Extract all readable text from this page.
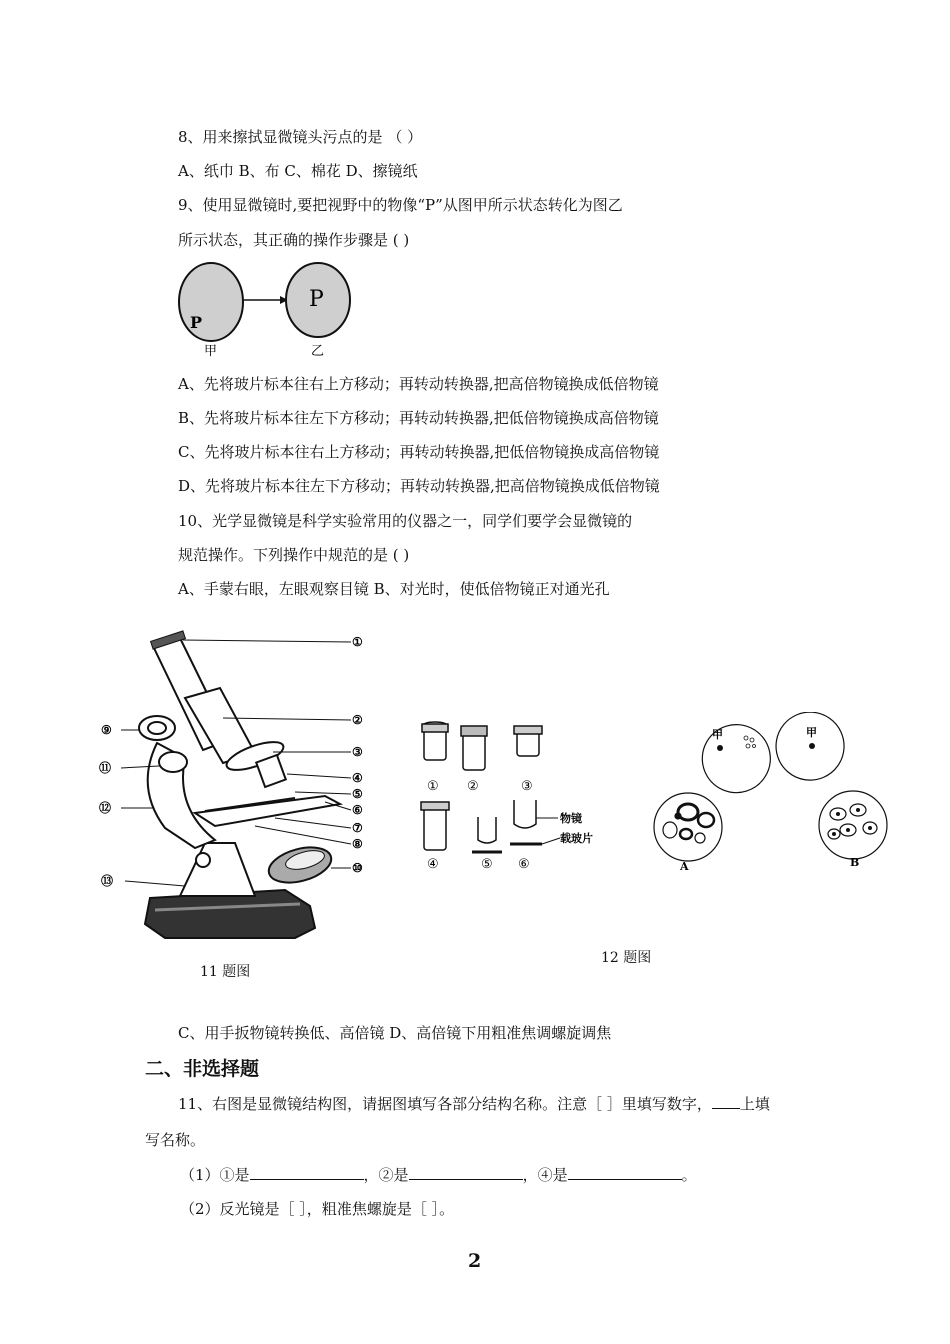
8、用来擦拭显微镜头污点的是 （ ）
A、纸巾 B、布 C、棉花 D、擦镜纸
9、使用显微镜时,要把视野中的物像“P”从图甲所示状态转化为图乙
所示状态，其正确的操作步骤是 ( )
P
P
甲	乙
A、先将玻片标本往右上方移动；再转动转换器,把高倍物镜换成低倍物镜
B、先将玻片标本往左下方移动；再转动转换器,把低倍物镜换成高倍物镜
C、先将玻片标本往右上方移动；再转动转换器,把低倍物镜换成高倍物镜
D、先将玻片标本往左下方移动；再转动转换器,把高倍物镜换成低倍物镜
10、光学显微镜是科学实验常用的仪器之一，同学们要学会显微镜的
规范操作。下列操作中规范的是 ( )
A、手蒙右眼，左眼观察目镜 B、对光时，使低倍物镜正对通光孔
①
②
③
④
⑤
⑥
⑦
⑧
⑩
⑨
⑪
⑫
⑬
11 题图
① ②	③
④	⑤ ⑥
物镜
载玻片
甲	甲
A	B
12 题图
C、用手扳物镜转换低、高倍镜 D、高倍镜下用粗准焦调螺旋调焦
二、非选择题
11、右图是显微镜结构图，请据图填写各部分结构名称。注意［ ］里填写数字， 上填
写名称。
（1）①是	，②是	，④是	。
（2）反光镜是［ ］，粗准焦螺旋是［ ］。
2
